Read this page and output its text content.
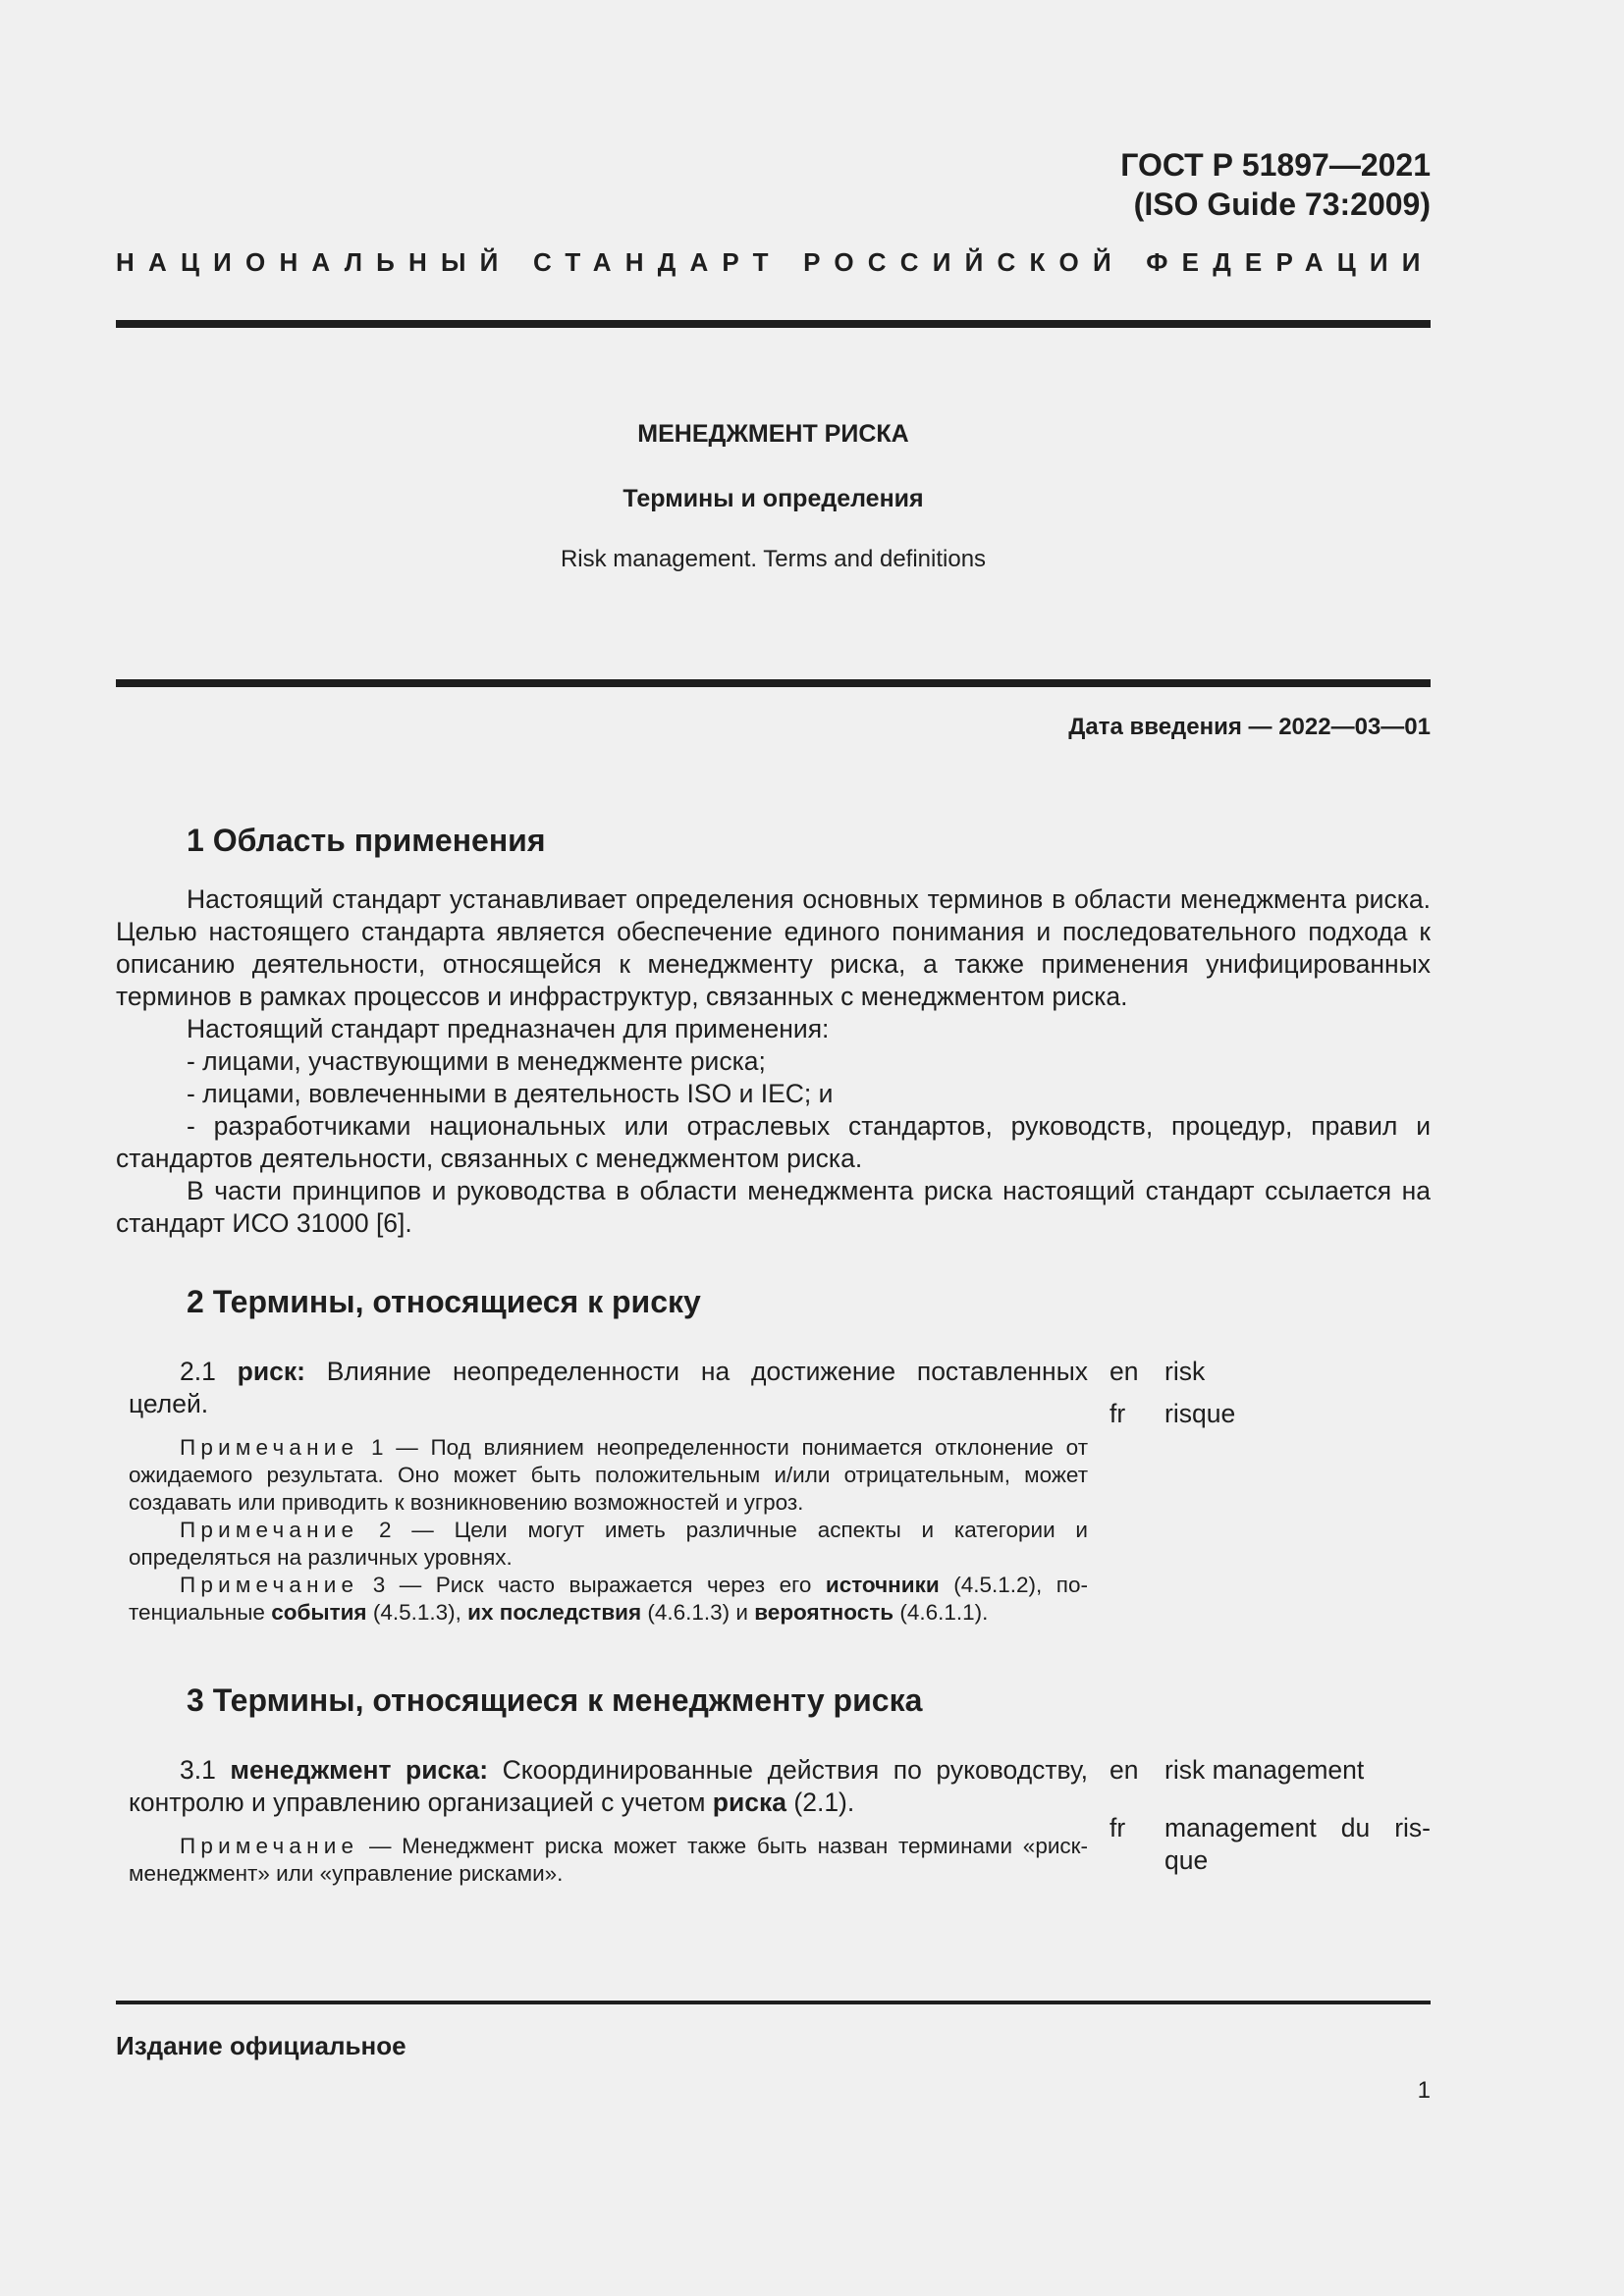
ГОСТ Р 51897—2021
(ISO Guide 73:2009)
НАЦИОНАЛЬНЫЙ СТАНДАРТ РОССИЙСКОЙ ФЕДЕРАЦИИ
МЕНЕДЖМЕНТ РИСКА
Термины и определения
Risk management. Terms and definitions
Дата введения — 2022—03—01
1 Область применения

Настоящий стандарт устанавливает определения основных терминов в области менеджмента риска. Целью настоящего стандарта является обеспечение единого понимания и последовательного подхода к описанию деятельности, относящейся к менеджменту риска, а также применения унифицированных терминов в рамках процессов и инфраструктур, связанных с менеджментом риска.

Настоящий стандарт предназначен для применения:

- лицами, участвующими в менеджменте риска;

- лицами, вовлеченными в деятельность ISO и IEC; и

- разработчиками национальных или отраслевых стандартов, руководств, процедур, правил и стандартов деятельности, связанных с менеджментом риска.

В части принципов и руководства в области менеджмента риска настоящий стандарт ссылается на стандарт ИСО 31000 [6].

2 Термины, относящиеся к риску

2.1 риск: Влияние неопределенности на достижение поставленных целей.

Примечание 1 — Под влиянием неопределенности понимается отклонение от ожидаемого результата. Оно может быть положительным и/или отрицательным, может создавать или приводить к возникновению возможностей и угроз.

Примечание 2 — Цели могут иметь различные аспекты и категории и определяться на различных уровнях.

Примечание 3 — Риск часто выражается через его источники (4.5.1.2), потенциальные события (4.5.1.3), их последствия (4.6.1.3) и вероятность (4.6.1.1).

en risk
fr risque
3 Термины, относящиеся к менеджменту риска

3.1 менеджмент риска: Скоординированные действия по руководству, контролю и управлению организацией с учетом риска (2.1).

Примечание — Менеджмент риска может также быть назван терминами «риск-менеджмент» или «управление рисками».

en risk management
fr management du risque
Издание официальное
1
